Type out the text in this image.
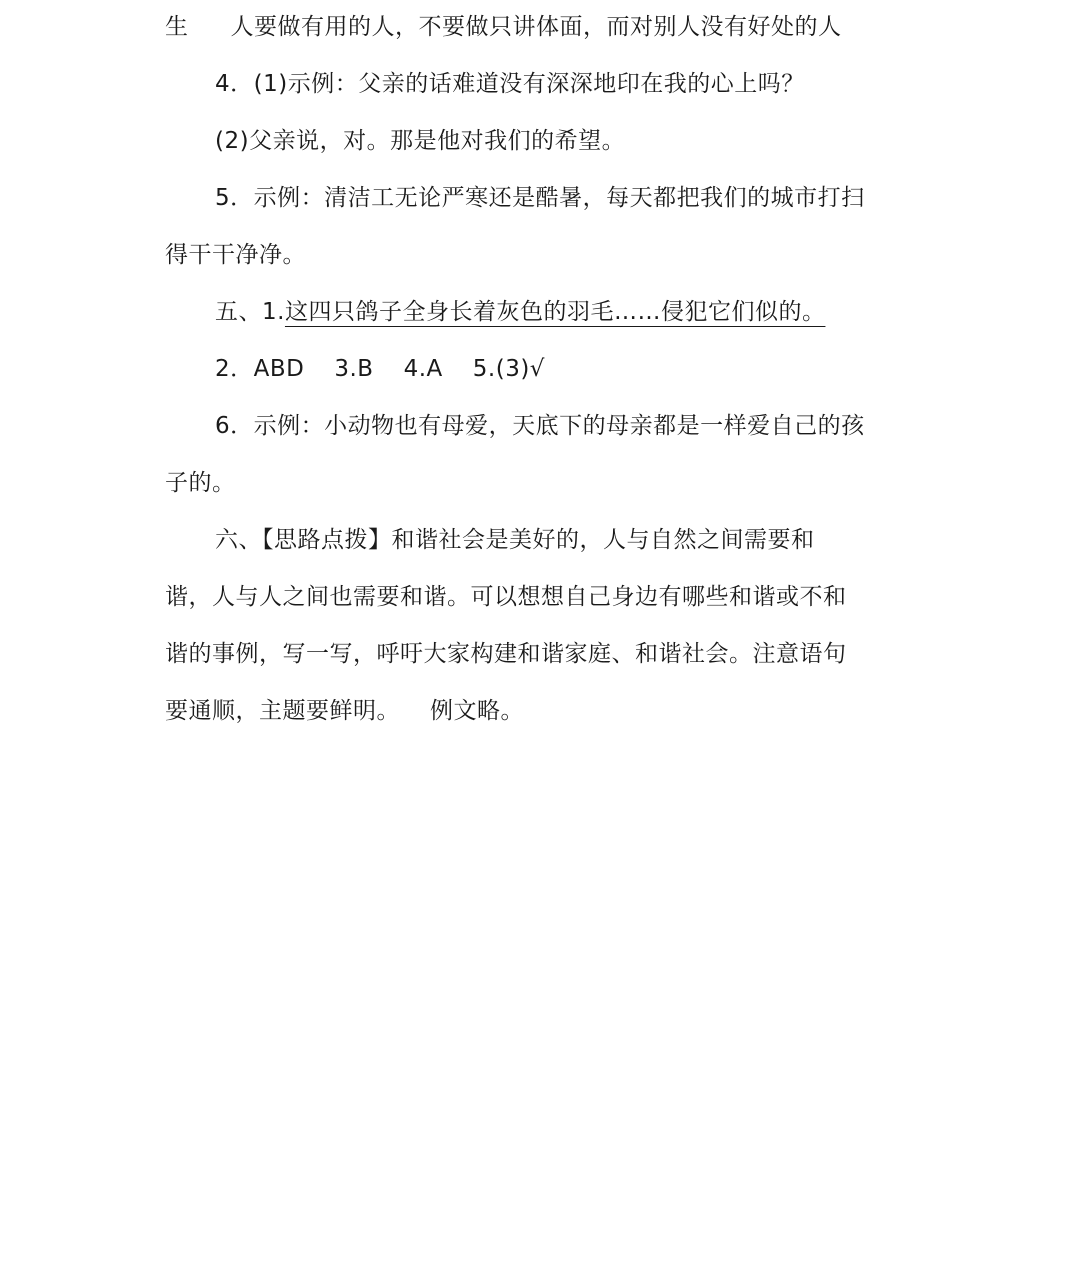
生 人要做有用的人，不要做只讲体面，而对别人没有好处的人
4．(1)示例：父亲的话难道没有深深地印在我的心上吗？
(2)父亲说，对。那是他对我们的希望。
5．示例：清洁工无论严寒还是酷暑，每天都把我们的城市打扫
得干干净净。
五、1.这四只鸽子全身长着灰色的羽毛……侵犯它们似的。
2．ABD 3.B 4.A 5.(3)√
6．示例：小动物也有母爱，天底下的母亲都是一样爱自己的孩
子的。
六、【思路点拨】和谐社会是美好的，人与自然之间需要和
谐，人与人之间也需要和谐。可以想想自己身边有哪些和谐或不和
谐的事例，写一写，呼吁大家构建和谐家庭、和谐社会。注意语句
要通顺，主题要鲜明。 例文略。
